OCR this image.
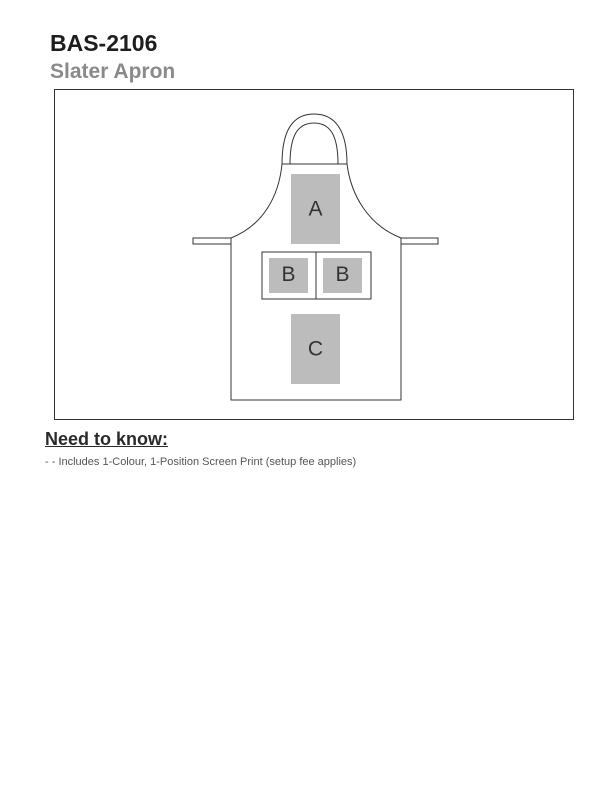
BAS-2106
Slater Apron
A
B B
C
Need to know:

- - Includes 1-Colour, 1-Position Screen Print (setup fee applies)
